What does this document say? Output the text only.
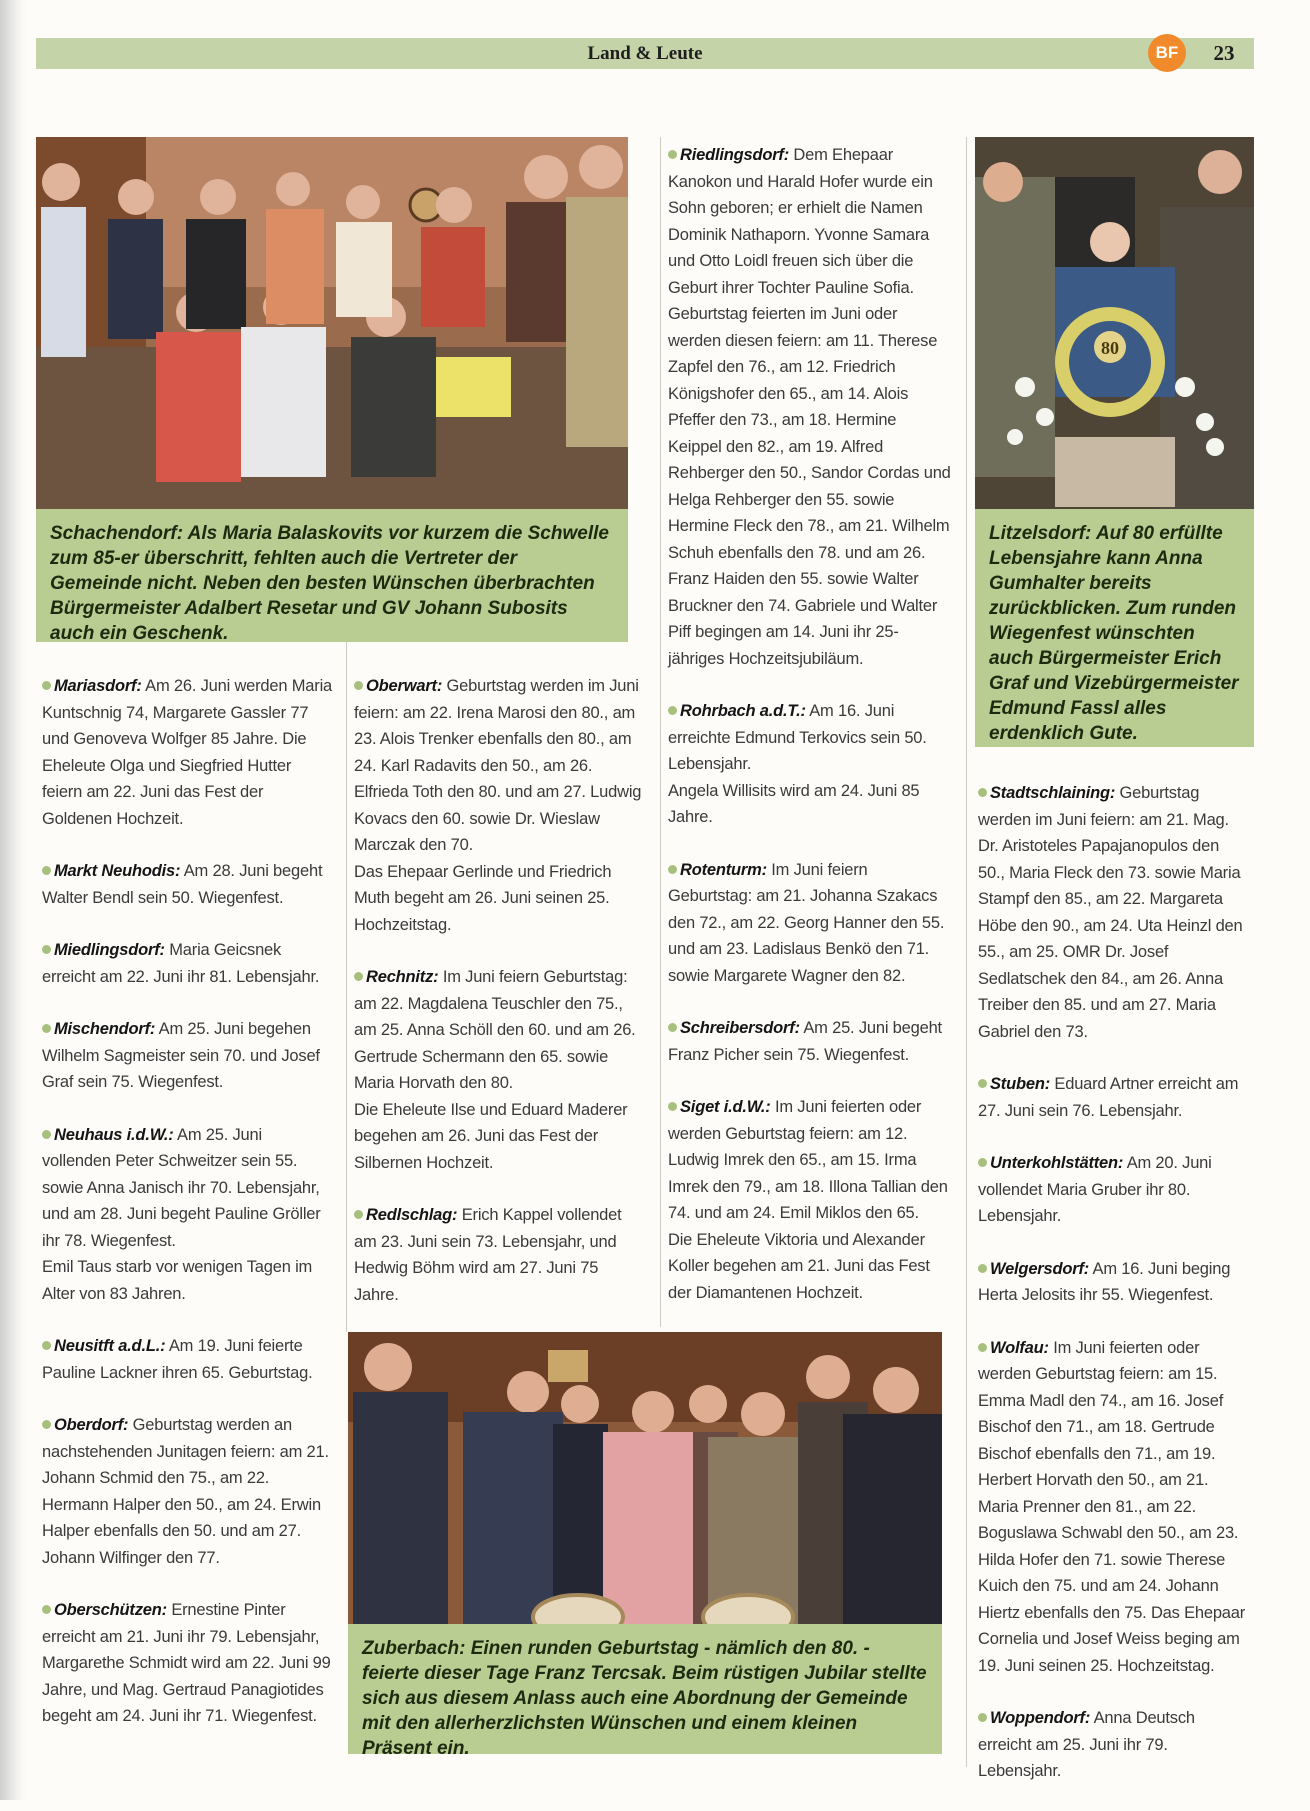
Land & Leute	BF	23
Schachendorf: Als Maria Balaskovits vor kurzem die Schwelle zum 85-er überschritt, fehlten auch die Vertreter der Gemeinde nicht. Neben den besten Wünschen überbrachten Bürgermeister Adalbert Resetar und GV Johann Subosits auch ein Geschenk.
80
Litzelsdorf: Auf 80 erfüllte Lebensjahre kann Anna Gumhalter bereits zurückblicken. Zum runden Wiegenfest wünschten auch Bürgermeister Erich Graf und Vizebürgermeister Edmund Fassl alles erdenklich Gute.

Mariasdorf: Am 26. Juni werden Maria Kuntschnig 74, Margarete Gassler 77 und Genoveva Wolfger 85 Jahre. Die Eheleute Olga und Siegfried Hutter feiern am 22. Juni das Fest der Goldenen Hochzeit.

Markt Neuhodis: Am 28. Juni begeht Walter Bendl sein 50. Wiegenfest.

Miedlingsdorf: Maria Geicsnek erreicht am 22. Juni ihr 81. Lebensjahr.

Mischendorf: Am 25. Juni begehen Wilhelm Sagmeister sein 70. und Josef Graf sein 75. Wiegenfest.

Neuhaus i.d.W.: Am 25. Juni vollenden Peter Schweitzer sein 55. sowie Anna Janisch ihr 70. Lebensjahr, und am 28. Juni begeht Pauline Gröller ihr 78. Wiegenfest.

Emil Taus starb vor wenigen Tagen im Alter von 83 Jahren.

Neusitft a.d.L.: Am 19. Juni feierte Pauline Lackner ihren 65. Geburtstag.

Oberdorf: Geburtstag werden an nachstehenden Junitagen feiern: am 21. Johann Schmid den 75., am 22. Hermann Halper den 50., am 24. Erwin Halper ebenfalls den 50. und am 27. Johann Wilfinger den 77.

Oberschützen: Ernestine Pinter erreicht am 21. Juni ihr 79. Lebensjahr, Margarethe Schmidt wird am 22. Juni 99 Jahre, und Mag. Gertraud Panagiotides begeht am 24. Juni ihr 71. Wiegenfest.

Oberwart: Geburtstag werden im Juni feiern: am 22. Irena Marosi den 80., am 23. Alois Trenker ebenfalls den 80., am 24. Karl Radavits den 50., am 26. Elfrieda Toth den 80. und am 27. Ludwig Kovacs den 60. sowie Dr. Wieslaw Marczak den 70.

Das Ehepaar Gerlinde und Friedrich Muth begeht am 26. Juni seinen 25. Hochzeitstag.

Rechnitz: Im Juni feiern Geburtstag: am 22. Magdalena Teuschler den 75., am 25. Anna Schöll den 60. und am 26. Gertrude Schermann den 65. sowie Maria Horvath den 80.

Die Eheleute Ilse und Eduard Maderer begehen am 26. Juni das Fest der Silbernen Hochzeit.

Redlschlag: Erich Kappel vollendet am 23. Juni sein 73. Lebensjahr, und Hedwig Böhm wird am 27. Juni 75 Jahre.

Riedlingsdorf: Dem Ehepaar Kanokon und Harald Hofer wurde ein Sohn geboren; er erhielt die Namen Dominik Nathaporn. Yvonne Samara und Otto Loidl freuen sich über die Geburt ihrer Tochter Pauline Sofia. Geburtstag feierten im Juni oder werden diesen feiern: am 11. Therese Zapfel den 76., am 12. Friedrich Königshofer den 65., am 14. Alois Pfeffer den 73., am 18. Hermine Keippel den 82., am 19. Alfred Rehberger den 50., Sandor Cordas und Helga Rehberger den 55. sowie Hermine Fleck den 78., am 21. Wilhelm Schuh ebenfalls den 78. und am 26. Franz Haiden den 55. sowie Walter Bruckner den 74. Gabriele und Walter Piff begingen am 14. Juni ihr 25-jähriges Hochzeitsjubiläum.

Rohrbach a.d.T.: Am 16. Juni erreichte Edmund Terkovics sein 50. Lebensjahr.

Angela Willisits wird am 24. Juni 85 Jahre.

Rotenturm: Im Juni feiern Geburtstag: am 21. Johanna Szakacs den 72., am 22. Georg Hanner den 55. und am 23. Ladislaus Benkö den 71. sowie Margarete Wagner den 82.

Schreibersdorf: Am 25. Juni begeht Franz Picher sein 75. Wiegenfest.

Siget i.d.W.: Im Juni feierten oder werden Geburtstag feiern: am 12. Ludwig Imrek den 65., am 15. Irma Imrek den 79., am 18. Illona Tallian den 74. und am 24. Emil Miklos den 65.

Die Eheleute Viktoria und Alexander Koller begehen am 21. Juni das Fest der Diamantenen Hochzeit.

Stadtschlaining: Geburtstag werden im Juni feiern: am 21. Mag. Dr. Aristoteles Papajanopulos den 50., Maria Fleck den 73. sowie Maria Stampf den 85., am 22. Margareta Höbe den 90., am 24. Uta Heinzl den 55., am 25. OMR Dr. Josef Sedlatschek den 84., am 26. Anna Treiber den 85. und am 27. Maria Gabriel den 73.

Stuben: Eduard Artner erreicht am 27. Juni sein 76. Lebensjahr.

Unterkohlstätten: Am 20. Juni vollendet Maria Gruber ihr 80. Lebensjahr.

Welgersdorf: Am 16. Juni beging Herta Jelosits ihr 55. Wiegenfest.

Wolfau: Im Juni feierten oder werden Geburtstag feiern: am 15. Emma Madl den 74., am 16. Josef Bischof den 71., am 18. Gertrude Bischof ebenfalls den 71., am 19. Herbert Horvath den 50., am 21. Maria Prenner den 81., am 22. Boguslawa Schwabl den 50., am 23. Hilda Hofer den 71. sowie Therese Kuich den 75. und am 24. Johann Hiertz ebenfalls den 75. Das Ehepaar Cornelia und Josef Weiss beging am 19. Juni seinen 25. Hochzeitstag.

Woppendorf: Anna Deutsch erreicht am 25. Juni ihr 79. Lebensjahr.

Zuberbach: Einen runden Geburtstag - nämlich den 80. - feierte dieser Tage Franz Tercsak. Beim rüstigen Jubilar stellte sich aus diesem Anlass auch eine Abordnung der Gemeinde mit den allerherzlichsten Wünschen und einem kleinen Präsent ein.
